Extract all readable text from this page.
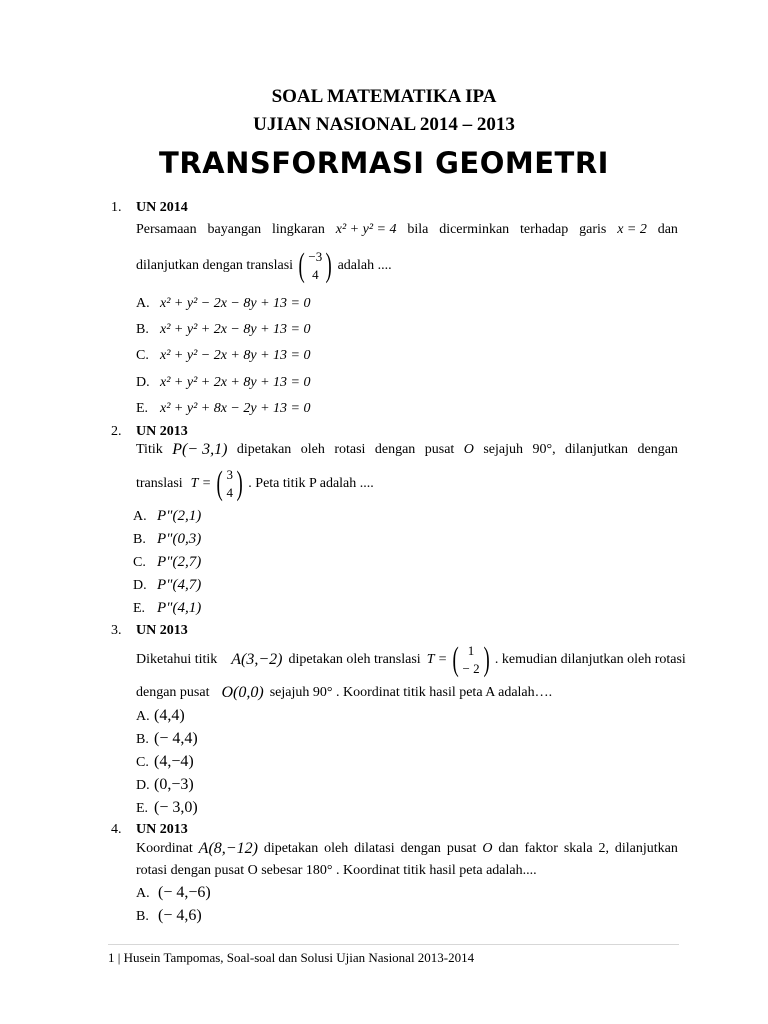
SOAL MATEMATIKA IPA
UJIAN NASIONAL 2014 – 2013
TRANSFORMASI GEOMETRI
1. UN 2014
Persamaan bayangan lingkaran x² + y² = 4 bila dicerminkan terhadap garis x = 2 dan
dilanjutkan dengan translasi ( −3
4 ) adalah ....
A. x² + y² − 2x − 8y + 13 = 0
B. x² + y² + 2x − 8y + 13 = 0
C. x² + y² − 2x + 8y + 13 = 0
D. x² + y² + 2x + 8y + 13 = 0
E. x² + y² + 8x − 2y + 13 = 0
2. UN 2013
Titik P(− 3,1) dipetakan oleh rotasi dengan pusat O sejajuh 90°, dilanjutkan dengan
translasi T = ( 3
4 ) . Peta titik P adalah ....
A. P"(2,1)
B. P"(0,3)
C. P"(2,7)
D. P"(4,7)
E. P"(4,1)
3. UN 2013
Diketahui titik A(3,−2) dipetakan oleh translasi T = ( 1
− 2 ) . kemudian dilanjutkan oleh rotasi
dengan pusat O(0,0) sejajuh 90° . Koordinat titik hasil peta A adalah….
A. (4,4)
B. (− 4,4)
C. (4,−4)
D. (0,−3)
E. (− 3,0)
4. UN 2013
Koordinat A(8,−12) dipetakan oleh dilatasi dengan pusat O dan faktor skala 2, dilanjutkan
rotasi dengan pusat O sebesar 180° . Koordinat titik hasil peta adalah....
A. (− 4,−6)
B. (− 4,6)
1 | Husein Tampomas, Soal-soal dan Solusi Ujian Nasional 2013-2014
